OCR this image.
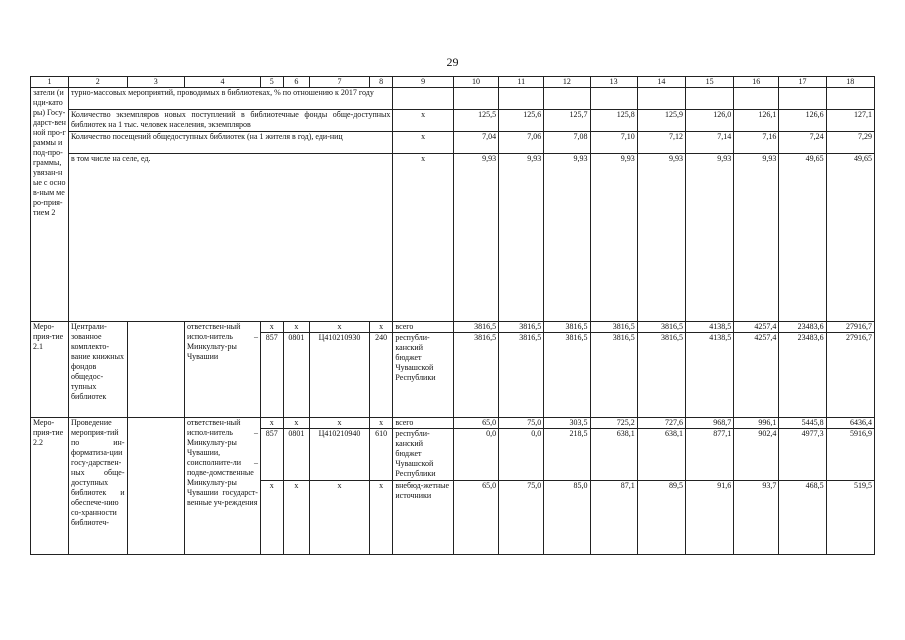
29
1	2	3	4	5	6	7	8	9	10	11	12	13	14	15	16	17	18
затели (инди-каторы) Госу-дарст-венной про-граммы и под-про-граммы, увязан-ные с основ-ным меро-прия-тием 2	турно-массовых мероприятий, проводимых в библиотеках, % по отношению к 2017 году																
	Количество экземпляров новых поступлений в библиотечные фонды обще-доступных библиотек на 1 тыс. человек населения, экземпляров							х	125,5	125,6	125,7	125,8	125,9	126,0	126,1	126,6	127,1
	Количество посещений общедоступных библиотек (на 1 жителя в год), еди-ниц							х	7,04	7,06	7,08	7,10	7,12	7,14	7,16	7,24	7,29
	в том числе на селе, ед.							х	9,93	9,93	9,93	9,93	9,93	9,93	9,93	49,65	49,65
Меро-прия-тие 2.1	Централи-зованное комплекто-вание книжных фондов общедос-тупных библиотек		ответствен-ный испол-нитель – Минкульту-ры Чувашии	х	х	х	х	всего	3816,5	3816,5	3816,5	3816,5	3816,5	4138,5	4257,4	23483,6	27916,7
				857	0801	Ц410210930	240	республи-канский бюджет Чувашской Республики	3816,5	3816,5	3816,5	3816,5	3816,5	4138,5	4257,4	23483,6	27916,7
Меро-прия-тие 2.2	Проведение мероприя-тий по ин-форматиза-ции госу-дарствен-ных обще-доступных библиотек и обеспече-нию со-хранности библиотеч-		ответствен-ный испол-нитель – Минкульту-ры Чувашии, соисполните-ли – подве-домственные Минкульту-ры Чувашии государст-венные уч-реждения	х	х	х	х	всего	65,0	75,0	303,5	725,2	727,6	968,7	996,1	5445,8	6436,4
				857	0801	Ц410210940	610	республи-канский бюджет Чувашской Республики	0,0	0,0	218,5	638,1	638,1	877,1	902,4	4977,3	5916,9
				х	х	х	х	внебюд-жетные источники	65,0	75,0	85,0	87,1	89,5	91,6	93,7	468,5	519,5
